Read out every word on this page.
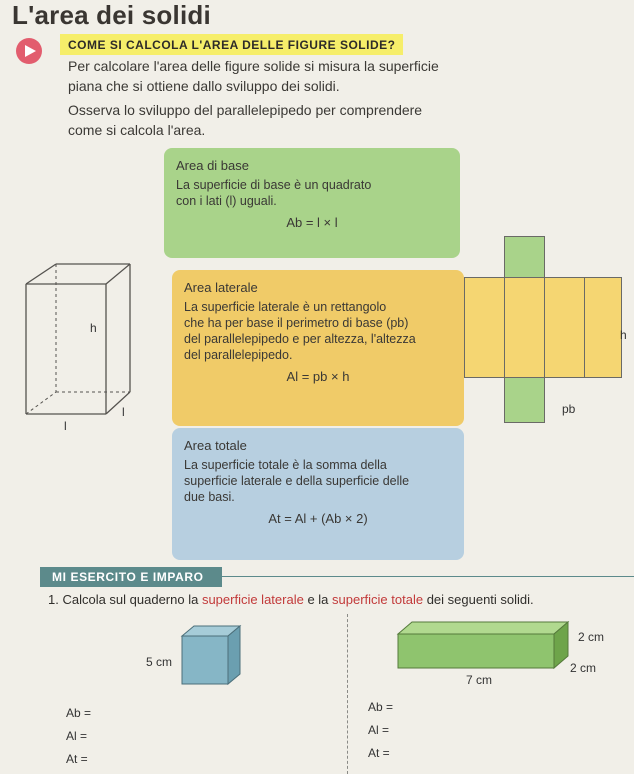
L'area dei solidi
COME SI CALCOLA L'AREA DELLE FIGURE SOLIDE?

Per calcolare l'area delle figure solide si misura la superficie
piana che si ottiene dallo sviluppo dei solidi.

Osserva lo sviluppo del parallelepipedo per comprendere
come si calcola l'area.

Area di base
La superficie di base è un quadrato
con i lati (l) uguali.
Ab = l × l
Area laterale
La superficie laterale è un rettangolo
che ha per base il perimetro di base (pb)
del parallelepipedo e per altezza, l'altezza
del parallelepipedo.
Al = pb × h
Area totale
La superficie totale è la somma della
superficie laterale e della superficie delle
due basi.
At = Al + (Ab × 2)
h
l
l
h
pb
MI ESERCITO E IMPARO
1. Calcola sul quaderno la superficie laterale e la superficie totale dei seguenti solidi.
5 cm
2 cm
2 cm
7 cm
Ab =
Al =
At =
Ab =
Al =
At =
